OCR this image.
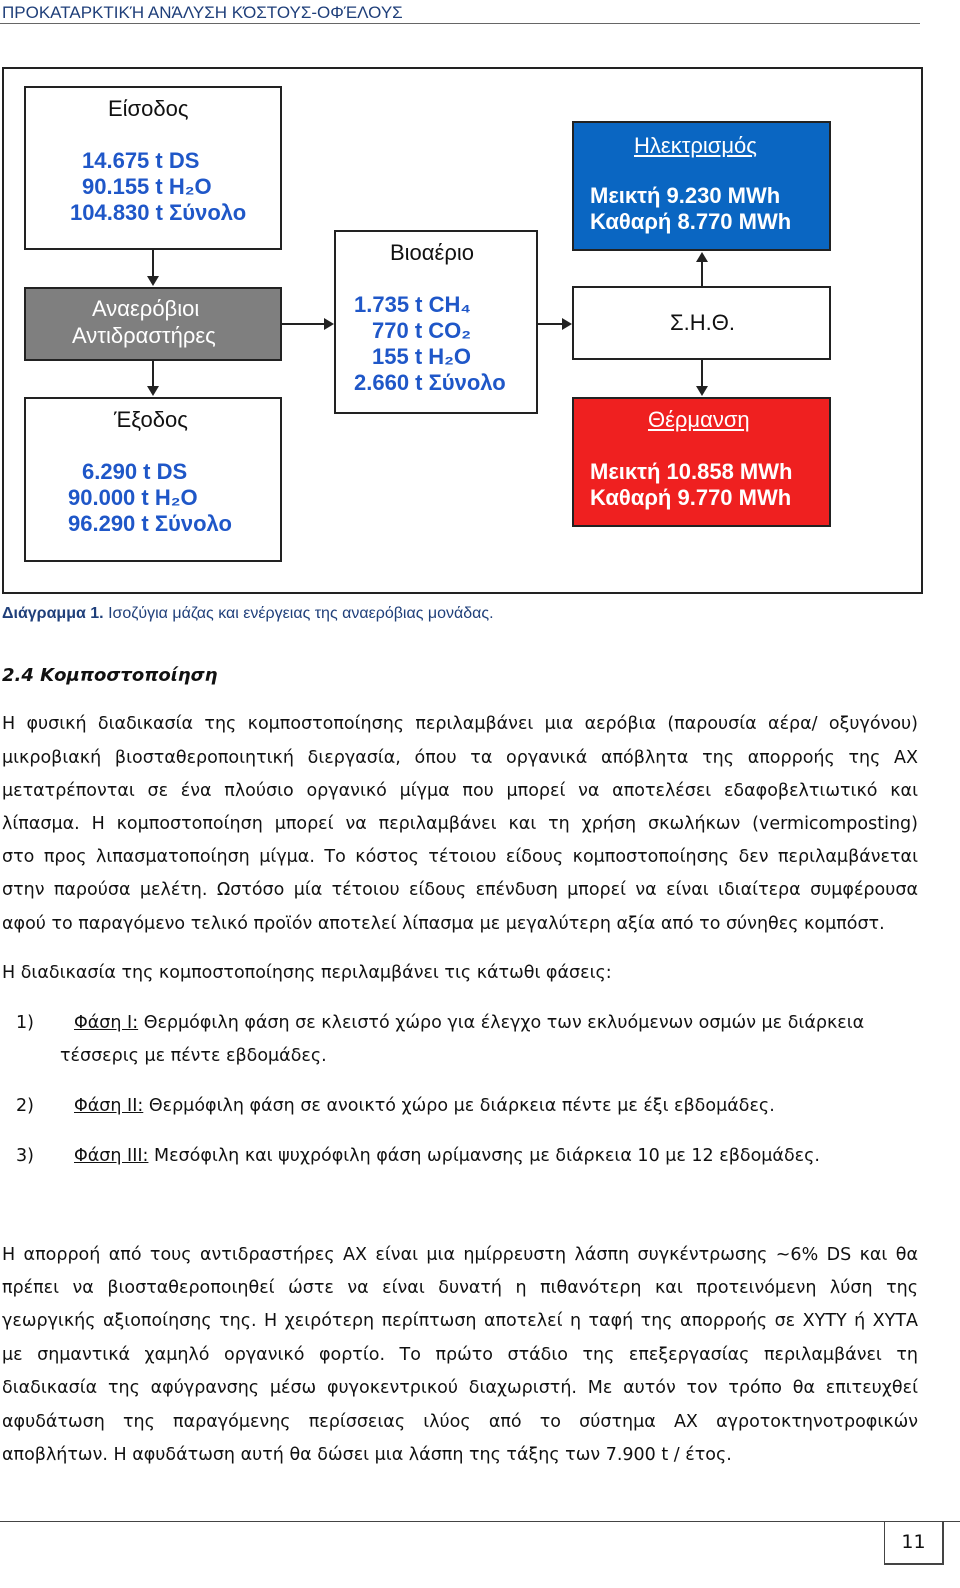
ΠΡΟΚΑΤΑΡΚΤΙΚΉ ΑΝΆΛΥΣΗ ΚΌΣΤΟΥΣ-ΟΦΈΛΟΥΣ
Είσοδος
14.675 t DS
90.155 t H₂O
104.830 t Σύνολο
Αναερόβιοι
Αντιδραστήρες
Έξοδος
6.290 t DS
90.000 t H₂O
96.290 t Σύνολο
Βιοαέριο
1.735 t CH₄
770 t CO₂
155 t H₂O
2.660 t Σύνολο
Ηλεκτρισμός
Μεικτή 9.230 MWh
Καθαρή 8.770 MWh
Σ.Η.Θ.
Θέρμανση
Μεικτή 10.858 MWh
Καθαρή 9.770 MWh
Διάγραμμα 1. Ισοζύγια μάζας και ενέργειας της αναερόβιας μονάδας.
2.4 Κομποστοποίηση
Η φυσική διαδικασία της κομποστοποίησης περιλαμβάνει μια αερόβια (παρουσία αέρα/ οξυγόνου)
μικροβιακή βιοσταθεροποιητική διεργασία, όπου τα οργανικά απόβλητα της απορροής της ΑΧ
μετατρέπονται σε ένα πλούσιο οργανικό μίγμα που μπορεί να αποτελέσει εδαφοβελτιωτικό και
λίπασμα. Η κομποστοποίηση μπορεί να περιλαμβάνει και τη χρήση σκωλήκων (vermicomposting)
στο προς λιπασματοποίηση μίγμα. Το κόστος τέτοιου είδους κομποστοποίησης δεν περιλαμβάνεται
στην παρούσα μελέτη. Ωστόσο μία τέτοιου είδους επένδυση μπορεί να είναι ιδιαίτερα συμφέρουσα
αφού το παραγόμενο τελικό προϊόν αποτελεί λίπασμα με μεγαλύτερη αξία από το σύνηθες κομπόστ.
Η διαδικασία της κομποστοποίησης περιλαμβάνει τις κάτωθι φάσεις:
1) Φάση Ι: Θερμόφιλη φάση σε κλειστό χώρο για έλεγχο των εκλυόμενων οσμών με διάρκεια
τέσσερις με πέντε εβδομάδες.
2) Φάση ΙΙ: Θερμόφιλη φάση σε ανοικτό χώρο με διάρκεια πέντε με έξι εβδομάδες.
3) Φάση ΙΙΙ: Μεσόφιλη και ψυχρόφιλη φάση ωρίμανσης με διάρκεια 10 με 12 εβδομάδες.
Η απορροή από τους αντιδραστήρες ΑΧ είναι μια ημίρρευστη λάσπη συγκέντρωσης ~6% DS και θα
πρέπει να βιοσταθεροποιηθεί ώστε να είναι δυνατή η πιθανότερη και προτεινόμενη λύση της
γεωργικής αξιοποίησης της. Η χειρότερη περίπτωση αποτελεί η ταφή της απορροής σε ΧΥΤΥ ή ΧΥΤΑ
με σημαντικά χαμηλό οργανικό φορτίο. Το πρώτο στάδιο της επεξεργασίας περιλαμβάνει τη
διαδικασία της αφύγρανσης μέσω φυγοκεντρικού διαχωριστή. Με αυτόν τον τρόπο θα επιτευχθεί
αφυδάτωση της παραγόμενης περίσσειας ιλύος από το σύστημα ΑΧ αγροτοκτηνοτροφικών
αποβλήτων. Η αφυδάτωση αυτή θα δώσει μια λάσπη της τάξης των 7.900 t / έτος.
11
